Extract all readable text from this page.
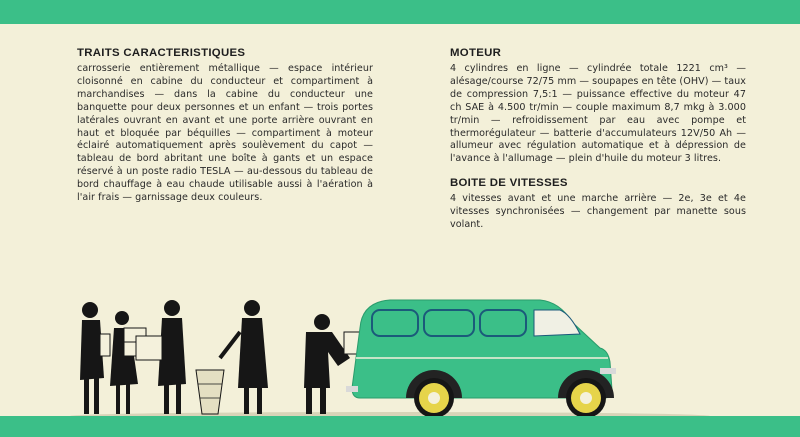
TRAITS CARACTERISTIQUES

carrosserie entièrement métallique — espace intérieur cloisonné en cabine du conducteur et compartiment à marchandises — dans la cabine du conducteur une banquette pour deux personnes et un enfant — trois portes latérales ouvrant en avant et une porte arrière ouvrant en haut et bloquée par béquilles — compartiment à moteur éclairé automatiquement après soulèvement du capot — tableau de bord abritant une boîte à gants et un espace réservé à un poste radio TESLA — au-dessous du tableau de bord chauffage à eau chaude utilisable aussi à l'aération à l'air frais — garnissage deux couleurs.

MOTEUR

4 cylindres en ligne — cylindrée totale 1221 cm³ — alésage/course 72/75 mm — soupapes en tête (OHV) — taux de compression 7,5:1 — puissance effective du moteur 47 ch SAE à 4.500 tr/min — couple maximum 8,7 mkg à 3.000 tr/min — refroidissement par eau avec pompe et thermorégulateur — batterie d'accumulateurs 12V/50 Ah — allumeur avec régulation automatique et à dépression de l'avance à l'allumage — plein d'huile du moteur 3 litres.

BOITE DE VITESSES

4 vitesses avant et une marche arrière — 2e, 3e et 4e vitesses synchronisées — changement par manette sous volant.
